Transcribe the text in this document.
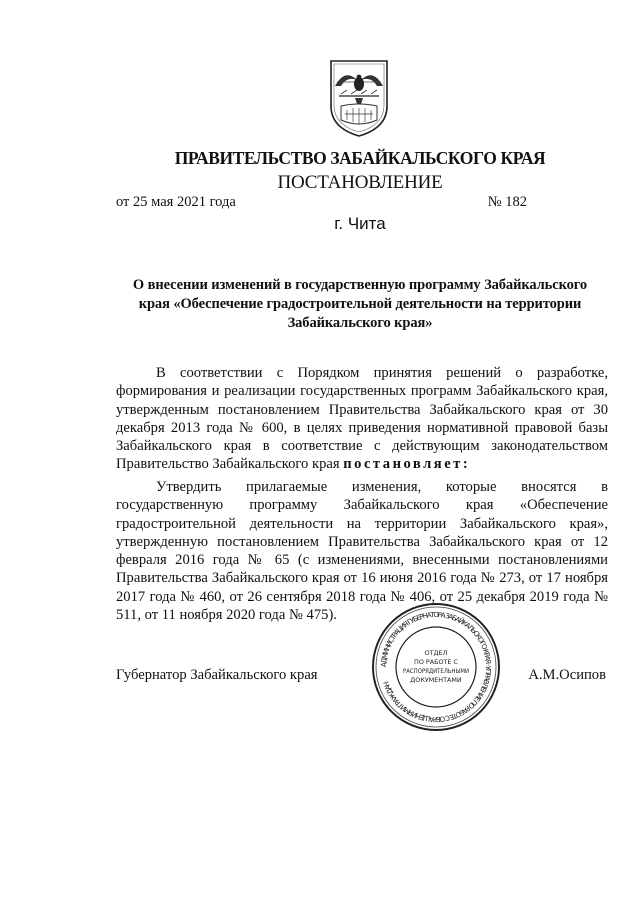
ПРАВИТЕЛЬСТВО ЗАБАЙКАЛЬСКОГО КРАЯ
ПОСТАНОВЛЕНИЕ
от 25 мая 2021 года	№ 182
г. Чита
О внесении изменений в государственную программу Забайкальского края «Обеспечение градостроительной деятельности на территории Забайкальского края»
В соответствии с Порядком принятия решений о разработке, формирования и реализации государственных программ Забайкальского края, утвержденным постановлением Правительства Забайкальского края от 30 декабря 2013 года № 600, в целях приведения нормативной правовой базы Забайкальского края в соответствие с действующим законодательством Правительство Забайкальского края постановляет:
Утвердить прилагаемые изменения, которые вносятся в государственную программу Забайкальского края «Обеспечение градостроительной деятельности на территории Забайкальского края», утвержденную постановлением Правительства Забайкальского края от 12 февраля 2016 года № 65 (с изменениями, внесенными постановлениями Правительства Забайкальского края от 16 июня 2016 года № 273, от 17 ноября 2017 года № 460, от 26 сентября 2018 года № 406, от 25 декабря 2019 года № 511, от 11 ноября 2020 года № 475).
Губернатор Забайкальского края	А.М.Осипов
АДМИНИСТРАЦИЯ ГУБЕРНАТОРА ЗАБАЙКАЛЬСКОГО КРАЯ · УПРАВЛЕНИЕ ПО РАБОТЕ С ОБРАЩЕНИЯМИ ГРАЖДАН
ОТДЕЛ
ПО РАБОТЕ С
РАСПОРЯДИТЕЛЬНЫМИ
ДОКУМЕНТАМИ
